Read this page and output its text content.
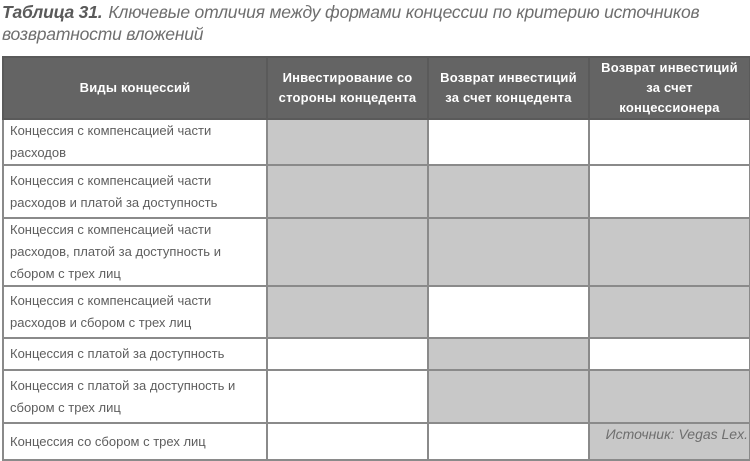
Таблица 31. Ключевые отличия между формами концессии по критерию источников возвратности вложений
Виды концессий	Инвестирование со стороны концедента	Возврат инвестиций за счет концедента	Возврат инвестиций за счет концессионера
Концессия с компенсацией части расходов			
Концессия с компенсацией части расходов и платой за доступность			
Концессия с компенсацией части расходов, платой за доступность и сбором с трех лиц			
Концессия с компенсацией части расходов и сбором с трех лиц			
Концессия с платой за доступность			
Концессия с платой за доступность и сбором с трех лиц			
Концессия со сбором с трех лиц				Источник: Vegas Lex.
